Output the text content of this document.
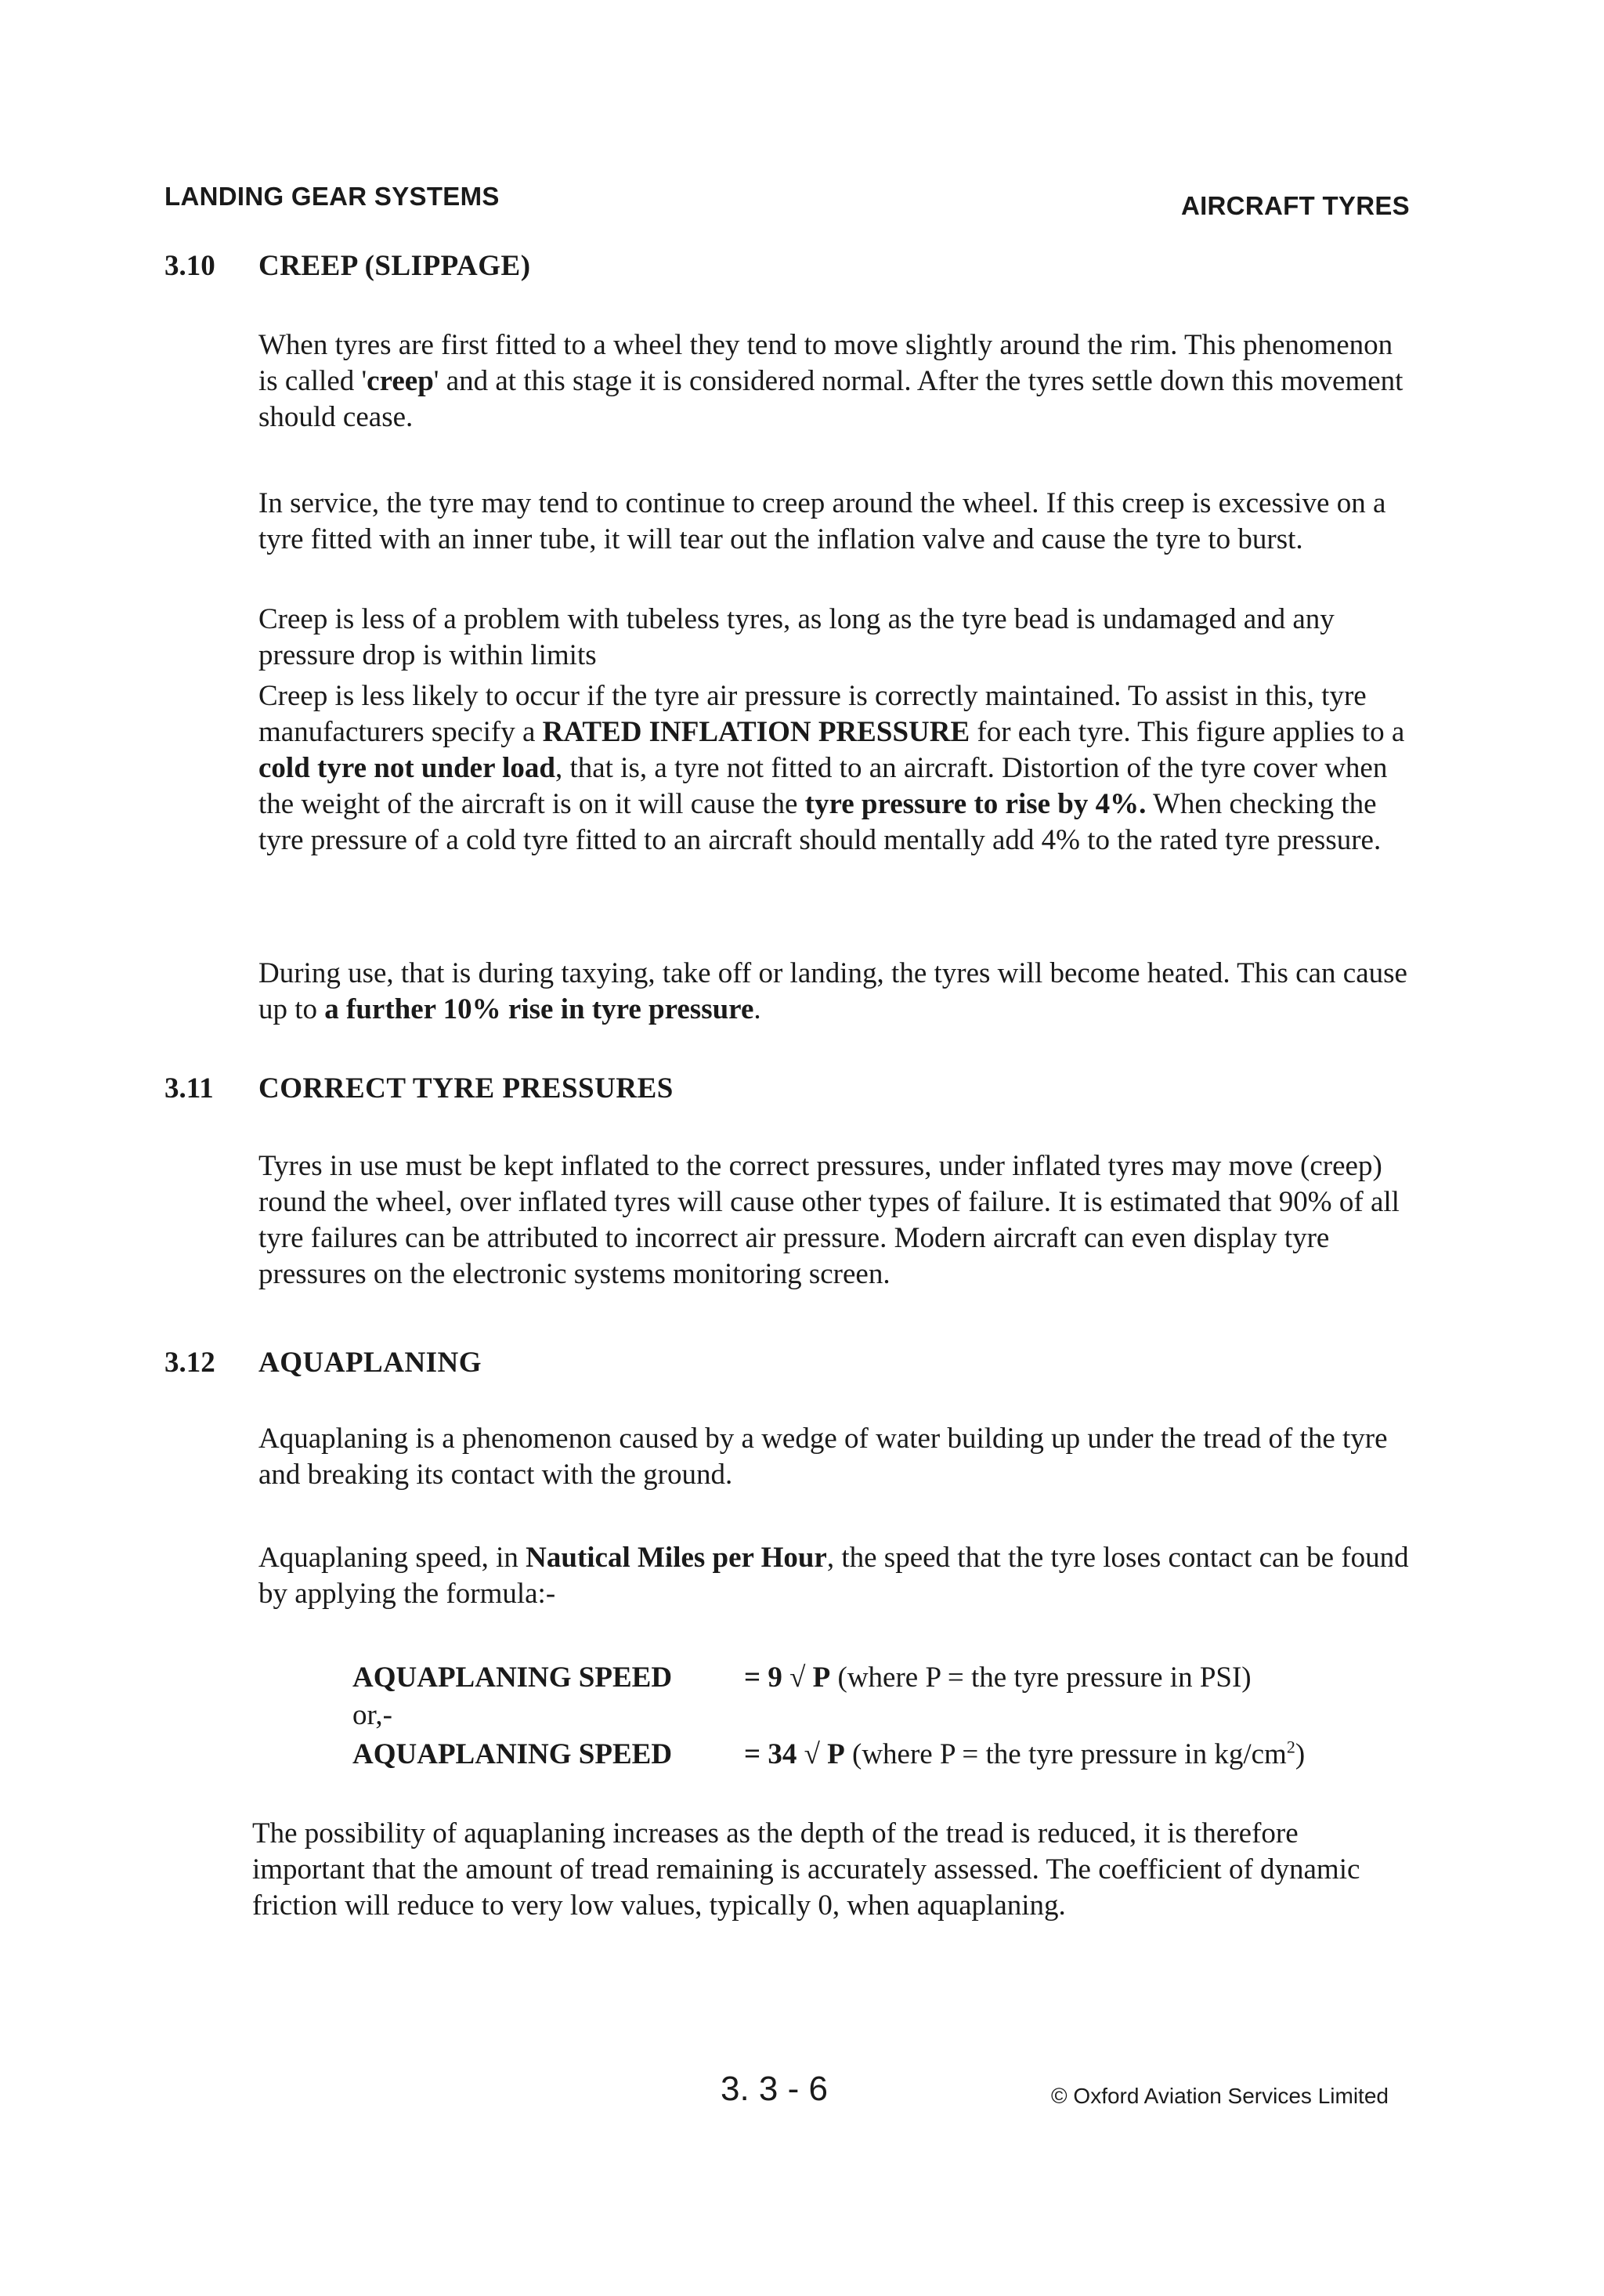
LANDING GEAR SYSTEMS	AIRCRAFT TYRES
3.10 CREEP (SLIPPAGE)

When tyres are first fitted to a wheel they tend to move slightly around the rim. This phenomenon is called 'creep' and at this stage it is considered normal. After the tyres settle down this movement should cease.

In service, the tyre may tend to continue to creep around the wheel. If this creep is excessive on a tyre fitted with an inner tube, it will tear out the inflation valve and cause the tyre to burst.

Creep is less of a problem with tubeless tyres, as long as the tyre bead is undamaged and any pressure drop is within limits

Creep is less likely to occur if the tyre air pressure is correctly maintained. To assist in this, tyre manufacturers specify a RATED INFLATION PRESSURE for each tyre. This figure applies to a cold tyre not under load, that is, a tyre not fitted to an aircraft. Distortion of the tyre cover when the weight of the aircraft is on it will cause the tyre pressure to rise by 4%. When checking the tyre pressure of a cold tyre fitted to an aircraft should mentally add 4% to the rated tyre pressure.

During use, that is during taxying, take off or landing, the tyres will become heated. This can cause up to a further 10% rise in tyre pressure.

3.11 CORRECT TYRE PRESSURES

Tyres in use must be kept inflated to the correct pressures, under inflated tyres may move (creep) round the wheel, over inflated tyres will cause other types of failure. It is estimated that 90% of all tyre failures can be attributed to incorrect air pressure. Modern aircraft can even display tyre pressures on the electronic systems monitoring screen.

3.12 AQUAPLANING

Aquaplaning is a phenomenon caused by a wedge of water building up under the tread of the tyre and breaking its contact with the ground.

Aquaplaning speed, in Nautical Miles per Hour, the speed that the tyre loses contact can be found by applying the formula:-

AQUAPLANING SPEED = 9 √ P (where P = the tyre pressure in PSI)
or,-
AQUAPLANING SPEED = 34 √ P (where P = the tyre pressure in $kg/cm^2$)

The possibility of aquaplaning increases as the depth of the tread is reduced, it is therefore important that the amount of tread remaining is accurately assessed. The coefficient of dynamic friction will reduce to very low values, typically 0, when aquaplaning.

3. 3 - 6	© Oxford Aviation Services Limited
